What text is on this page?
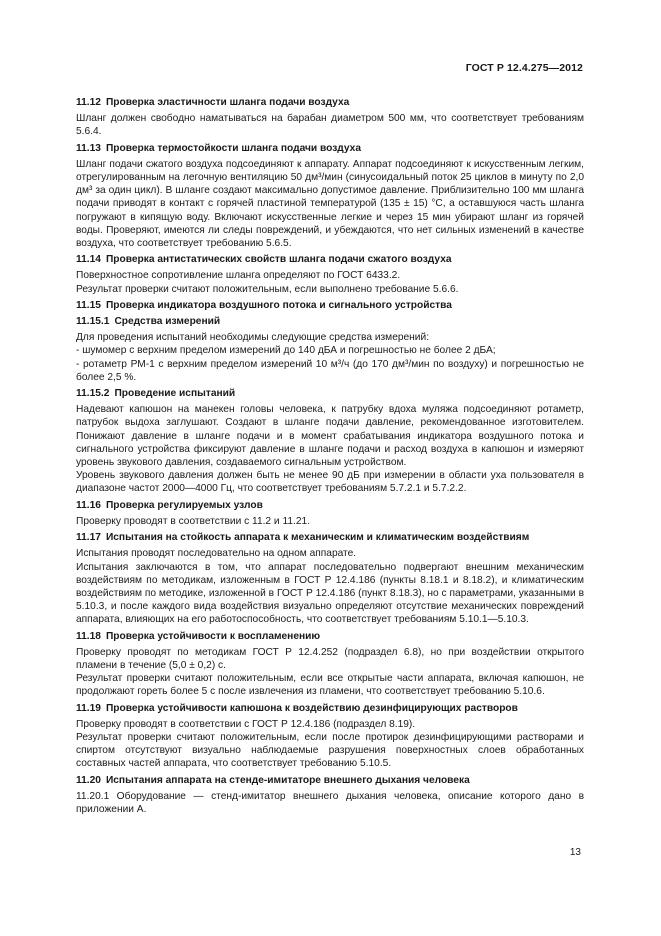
ГОСТ Р 12.4.275—2012
11.12 Проверка эластичности шланга подачи воздуха

Шланг должен свободно наматываться на барабан диаметром 500 мм, что соответствует требованиям 5.6.4.

11.13 Проверка термостойкости шланга подачи воздуха

Шланг подачи сжатого воздуха подсоединяют к аппарату. Аппарат подсоединяют к искусственным легким, отрегулированным на легочную вентиляцию 50 дм³/мин (синусоидальный поток 25 циклов в минуту по 2,0 дм³ за один цикл). В шланге создают максимально допустимое давление. Приблизительно 100 мм шланга подачи приводят в контакт с горячей пластиной температурой (135 ± 15) °С, а оставшуюся часть шланга погружают в кипящую воду. Включают искусственные легкие и через 15 мин убирают шланг из горячей воды. Проверяют, имеются ли следы повреждений, и убеждаются, что нет сильных изменений в качестве воздуха, что соответствует требованию 5.6.5.

11.14 Проверка антистатических свойств шланга подачи сжатого воздуха

Поверхностное сопротивление шланга определяют по ГОСТ 6433.2.

Результат проверки считают положительным, если выполнено требование 5.6.6.

11.15 Проверка индикатора воздушного потока и сигнального устройства
11.15.1 Средства измерений

Для проведения испытаний необходимы следующие средства измерений:

- шумомер с верхним пределом измерений до 140 дБА и погрешностью не более 2 дБА;

- ротаметр РМ-1 с верхним пределом измерений 10 м³/ч (до 170 дм³/мин по воздуху) и погрешностью не более 2,5 %.

11.15.2 Проведение испытаний

Надевают капюшон на манекен головы человека, к патрубку вдоха муляжа подсоединяют ротаметр, патрубок выдоха заглушают. Создают в шланге подачи давление, рекомендованное изготовителем. Понижают давление в шланге подачи и в момент срабатывания индикатора воздушного потока и сигнального устройства фиксируют давление в шланге подачи и расход воздуха в капюшон и измеряют уровень звукового давления, создаваемого сигнальным устройством.

Уровень звукового давления должен быть не менее 90 дБ при измерении в области уха пользователя в диапазоне частот 2000—4000 Гц, что соответствует требованиям 5.7.2.1 и 5.7.2.2.

11.16 Проверка регулируемых узлов

Проверку проводят в соответствии с 11.2 и 11.21.

11.17 Испытания на стойкость аппарата к механическим и климатическим воздействиям

Испытания проводят последовательно на одном аппарате.

Испытания заключаются в том, что аппарат последовательно подвергают внешним механическим воздействиям по методикам, изложенным в ГОСТ Р 12.4.186 (пункты 8.18.1 и 8.18.2), и климатическим воздействиям по методике, изложенной в ГОСТ Р 12.4.186 (пункт 8.18.3), но с параметрами, указанными в 5.10.3, и после каждого вида воздействия визуально определяют отсутствие механических повреждений аппарата, влияющих на его работоспособность, что соответствует требованиям 5.10.1—5.10.3.

11.18 Проверка устойчивости к воспламенению

Проверку проводят по методикам ГОСТ Р 12.4.252 (подраздел 6.8), но при воздействии открытого пламени в течение (5,0 ± 0,2) с.

Результат проверки считают положительным, если все открытые части аппарата, включая капюшон, не продолжают гореть более 5 с после извлечения из пламени, что соответствует требованию 5.10.6.

11.19 Проверка устойчивости капюшона к воздействию дезинфицирующих растворов

Проверку проводят в соответствии с ГОСТ Р 12.4.186 (подраздел 8.19).

Результат проверки считают положительным, если после протирок дезинфицирующими растворами и спиртом отсутствуют визуально наблюдаемые разрушения поверхностных слоев обработанных составных частей аппарата, что соответствует требованию 5.10.5.

11.20 Испытания аппарата на стенде-имитаторе внешнего дыхания человека

11.20.1 Оборудование — стенд-имитатор внешнего дыхания человека, описание которого дано в приложении А.

13
